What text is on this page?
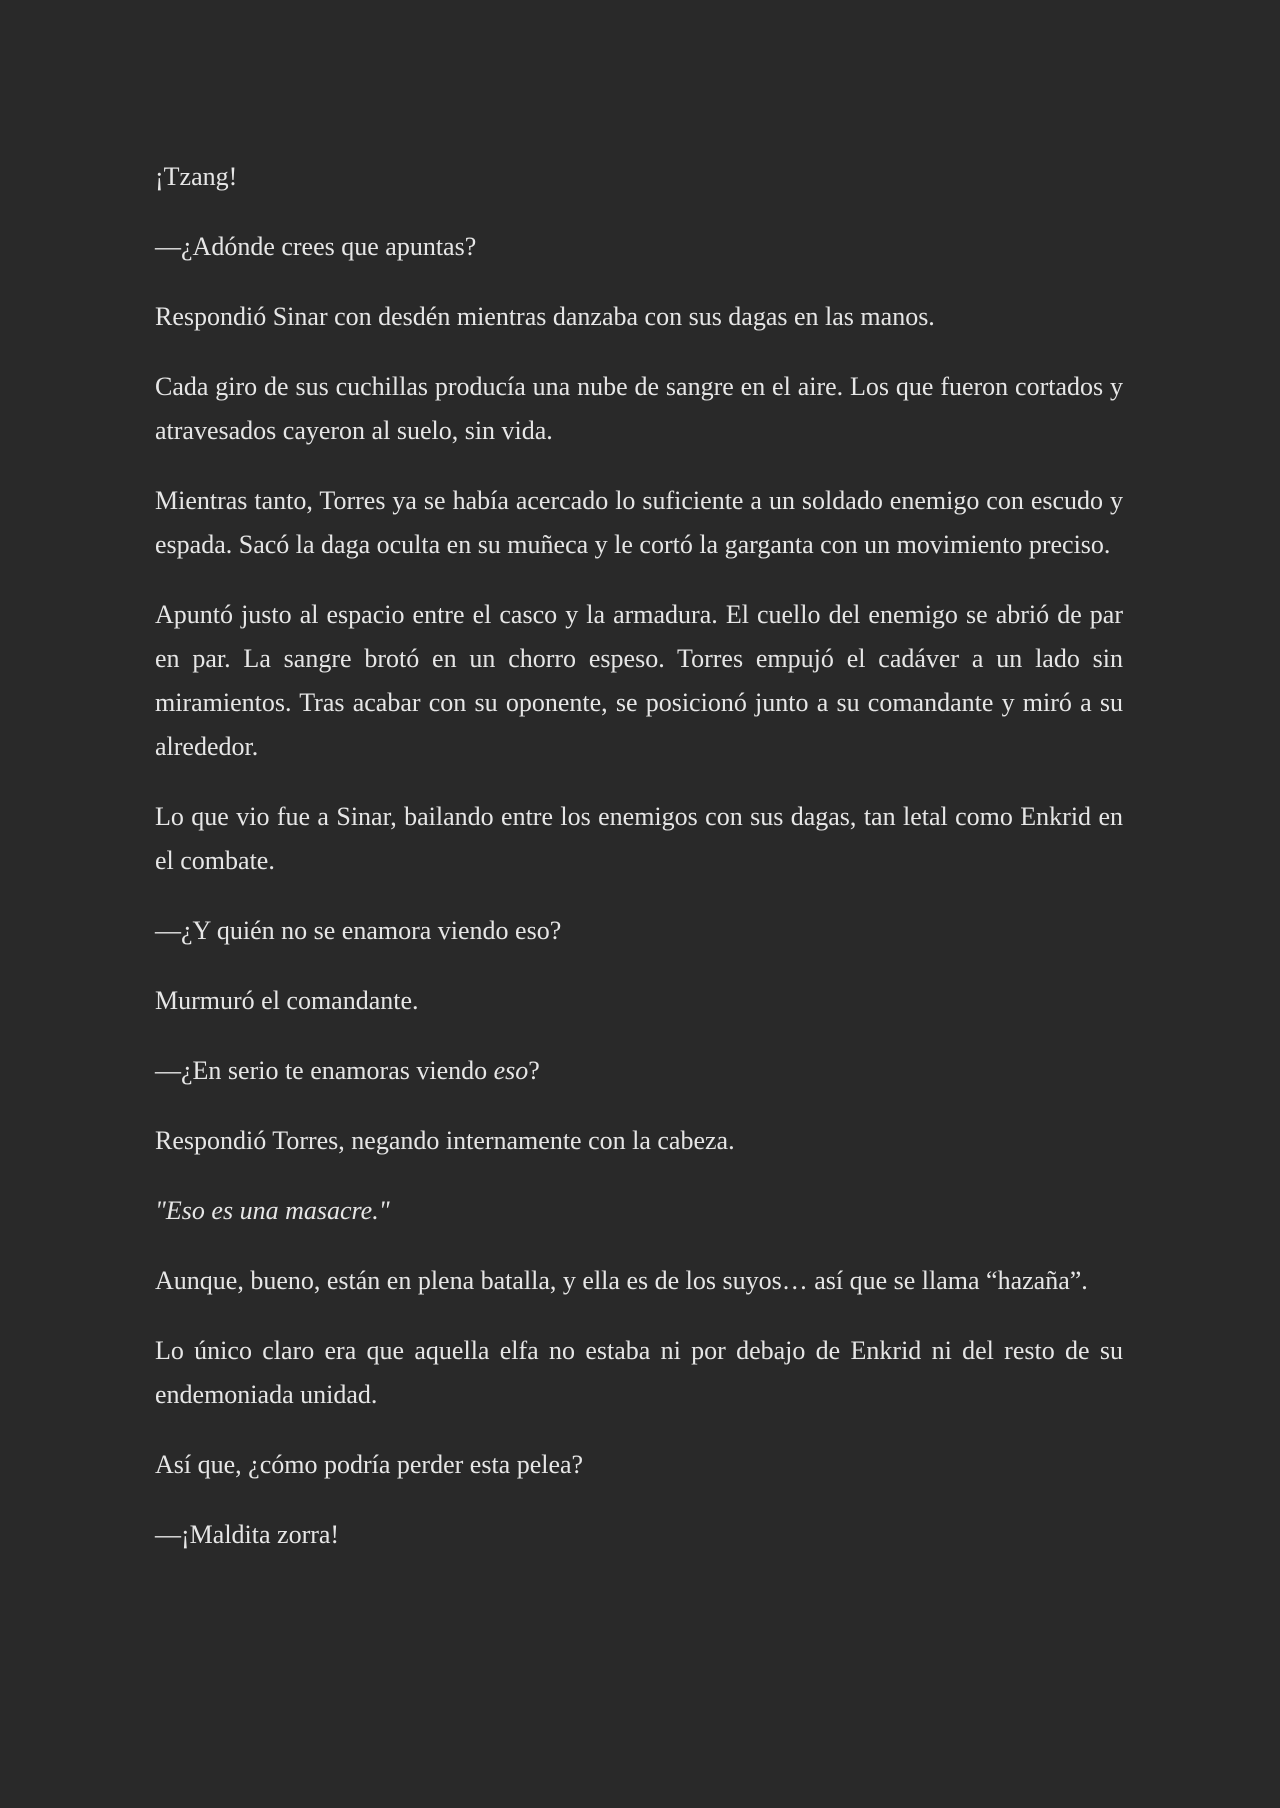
¡Tzang!

—¿Adónde crees que apuntas?

Respondió Sinar con desdén mientras danzaba con sus dagas en las manos.

Cada giro de sus cuchillas producía una nube de sangre en el aire. Los que fueron cortados y atravesados cayeron al suelo, sin vida.

Mientras tanto, Torres ya se había acercado lo suficiente a un soldado enemigo con escudo y espada. Sacó la daga oculta en su muñeca y le cortó la garganta con un movimiento preciso.

Apuntó justo al espacio entre el casco y la armadura. El cuello del enemigo se abrió de par en par. La sangre brotó en un chorro espeso. Torres empujó el cadáver a un lado sin miramientos. Tras acabar con su oponente, se posicionó junto a su comandante y miró a su alrededor.

Lo que vio fue a Sinar, bailando entre los enemigos con sus dagas, tan letal como Enkrid en el combate.

—¿Y quién no se enamora viendo eso?

Murmuró el comandante.

—¿En serio te enamoras viendo eso?

Respondió Torres, negando internamente con la cabeza.

"Eso es una masacre."

Aunque, bueno, están en plena batalla, y ella es de los suyos… así que se llama “hazaña”.

Lo único claro era que aquella elfa no estaba ni por debajo de Enkrid ni del resto de su endemoniada unidad.

Así que, ¿cómo podría perder esta pelea?

—¡Maldita zorra!
